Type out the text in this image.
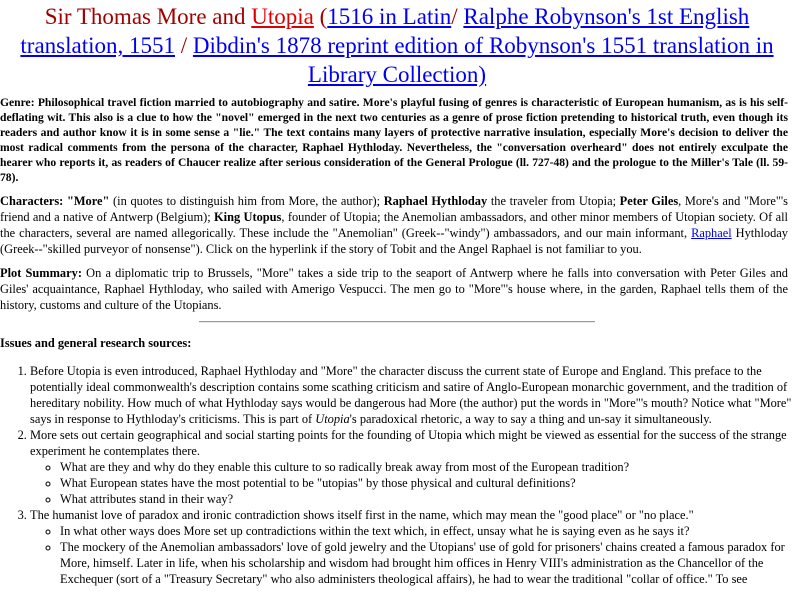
Sir Thomas More and Utopia (1516 in Latin/ Ralphe Robynson's 1st English translation, 1551 / Dibdin's 1878 reprint edition of Robynson's 1551 translation in Library Collection)

Genre: Philosophical travel fiction married to autobiography and satire. More's playful fusing of genres is characteristic of European humanism, as is his self-deflating wit. This also is a clue to how the "novel" emerged in the next two centuries as a genre of prose fiction pretending to historical truth, even though its readers and author know it is in some sense a "lie." The text contains many layers of protective narrative insulation, especially More's decision to deliver the most radical comments from the persona of the character, Raphael Hythloday. Nevertheless, the "conversation overheard" does not entirely exculpate the hearer who reports it, as readers of Chaucer realize after serious consideration of the General Prologue (ll. 727-48) and the prologue to the Miller's Tale (ll. 59-78).

Characters: "More" (in quotes to distinguish him from More, the author); Raphael Hythloday the traveler from Utopia; Peter Giles, More's and "More"'s friend and a native of Antwerp (Belgium); King Utopus, founder of Utopia; the Anemolian ambassadors, and other minor members of Utopian society. Of all the characters, several are named allegorically. These include the "Anemolian" (Greek--"windy") ambassadors, and our main informant, Raphael Hythloday (Greek--"skilled purveyor of nonsense"). Click on the hyperlink if the story of Tobit and the Angel Raphael is not familiar to you.

Plot Summary: On a diplomatic trip to Brussels, "More" takes a side trip to the seaport of Antwerp where he falls into conversation with Peter Giles and Giles' acquaintance, Raphael Hythloday, who sailed with Amerigo Vespucci. The men go to "More"'s house where, in the garden, Raphael tells them of the history, customs and culture of the Utopians.

Issues and general research sources:

1. Before Utopia is even introduced, Raphael Hythloday and "More" the character discuss the current state of Europe and England. This preface to the potentially ideal commonwealth's description contains some scathing criticism and satire of Anglo-European monarchic government, and the tradition of hereditary nobility. How much of what Hythloday says would be dangerous had More (the author) put the words in "More"'s mouth? Notice what "More" says in response to Hythloday's criticisms. This is part of Utopia's paradoxical rhetoric, a way to say a thing and un-say it simultaneously.
2. More sets out certain geographical and social starting points for the founding of Utopia which might be viewed as essential for the success of the strange experiment he contemplates there.
◦ What are they and why do they enable this culture to so radically break away from most of the European tradition?
◦ What European states have the most potential to be "utopias" by those physical and cultural definitions?
◦ What attributes stand in their way?
3. The humanist love of paradox and ironic contradiction shows itself first in the name, which may mean the "good place" or "no place."
◦ In what other ways does More set up contradictions within the text which, in effect, unsay what he is saying even as he says it?
◦ The mockery of the Anemolian ambassadors' love of gold jewelry and the Utopians' use of gold for prisoners' chains created a famous paradox for More, himself. Later in life, when his scholarship and wisdom had brought him offices in Henry VIII's administration as the Chancellor of the Exchequer (sort of a "Treasury Secretary" who also administers theological affairs), he had to wear the traditional "collar of office." To see
